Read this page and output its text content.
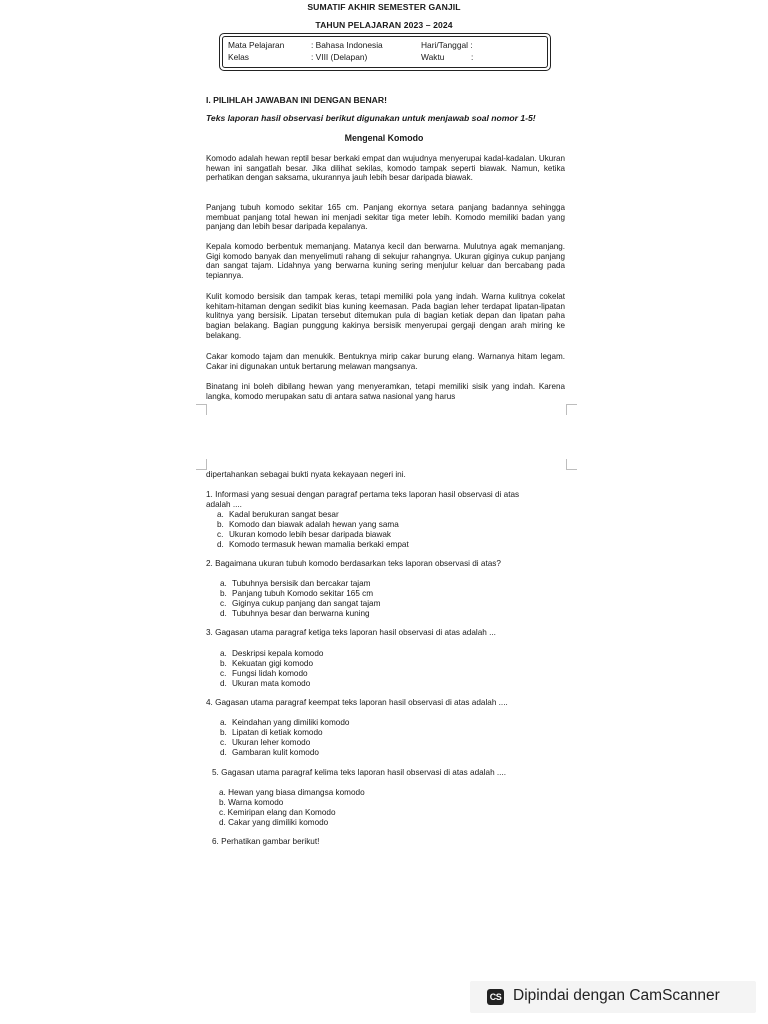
SUMATIF AKHIR SEMESTER GANJIL
TAHUN PELAJARAN 2023 – 2024
Mata Pelajaran	: Bahasa Indonesia	Hari/Tanggal :
Kelas	: VIII (Delapan)	Waktu	:
I. PILIHLAH JAWABAN INI DENGAN BENAR!
Teks laporan hasil observasi berikut digunakan untuk menjawab soal nomor 1-5!
Mengenal Komodo

Komodo adalah hewan reptil besar berkaki empat dan wujudnya menyerupai kadal-kadalan. Ukuran hewan ini sangatlah besar. Jika dilihat sekilas, komodo tampak seperti biawak. Namun, ketika perhatikan dengan saksama, ukurannya jauh lebih besar daripada biawak.

Panjang tubuh komodo sekitar 165 cm. Panjang ekornya setara panjang badannya sehingga membuat panjang total hewan ini menjadi sekitar tiga meter lebih. Komodo memiliki badan yang panjang dan lebih besar daripada kepalanya.

Kepala komodo berbentuk memanjang. Matanya kecil dan berwarna. Mulutnya agak memanjang. Gigi komodo banyak dan menyelimuti rahang di sekujur rahangnya. Ukuran giginya cukup panjang dan sangat tajam. Lidahnya yang berwarna kuning sering menjulur keluar dan bercabang pada tepiannya.

Kulit komodo bersisik dan tampak keras, tetapi memiliki pola yang indah. Warna kulitnya cokelat kehitam-hitaman dengan sedikit bias kuning keemasan. Pada bagian leher terdapat lipatan-lipatan kulitnya yang bersisik. Lipatan tersebut ditemukan pula di bagian ketiak depan dan lipatan paha bagian belakang. Bagian punggung kakinya bersisik menyerupai gergaji dengan arah miring ke belakang.

Cakar komodo tajam dan menukik. Bentuknya mirip cakar burung elang. Warnanya hitam legam. Cakar ini digunakan untuk bertarung melawan mangsanya.

Binatang ini boleh dibilang hewan yang menyeramkan, tetapi memiliki sisik yang indah. Karena langka, komodo merupakan satu di antara satwa nasional yang harus

dipertahankan sebagai bukti nyata kekayaan negeri ini.
1. Informasi yang sesuai dengan paragraf pertama teks laporan hasil observasi di atas
adalah ....
a. Kadal berukuran sangat besar
b. Komodo dan biawak adalah hewan yang sama
c. Ukuran komodo lebih besar daripada biawak
d. Komodo termasuk hewan mamalia berkaki empat
2. Bagaimana ukuran tubuh komodo berdasarkan teks laporan observasi di atas?
a. Tubuhnya bersisik dan bercakar tajam
b. Panjang tubuh Komodo sekitar 165 cm
c. Giginya cukup panjang dan sangat tajam
d. Tubuhnya besar dan berwarna kuning
3. Gagasan utama paragraf ketiga teks laporan hasil observasi di atas adalah ...
a. Deskripsi kepala komodo
b. Kekuatan gigi komodo
c. Fungsi lidah komodo
d. Ukuran mata komodo
4. Gagasan utama paragraf keempat teks laporan hasil observasi di atas adalah ....
a. Keindahan yang dimiliki komodo
b. Lipatan di ketiak komodo
c. Ukuran leher komodo
d. Gambaran kulit komodo
5. Gagasan utama paragraf kelima teks laporan hasil observasi di atas adalah ....
a. Hewan yang biasa dimangsa komodo
b. Warna komodo
c. Kemiripan elang dan Komodo
d. Cakar yang dimiliki komodo
6. Perhatikan gambar berikut!
CS Dipindai dengan CamScanner
